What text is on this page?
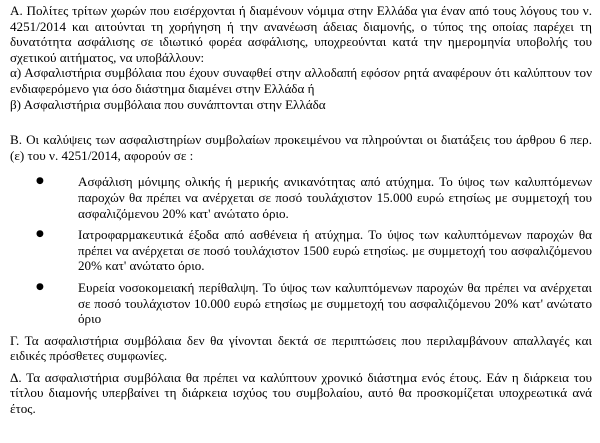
Α. Πολίτες τρίτων χωρών που εισέρχονται ή διαμένουν νόμιμα στην Ελλάδα για έναν από τους λόγους του ν. 4251/2014 και αιτούνται τη χορήγηση ή την ανανέωση άδειας διαμονής, ο τύπος της οποίας παρέχει τη δυνατότητα ασφάλισης σε ιδιωτικό φορέα ασφάλισης, υποχρεούνται κατά την ημερομηνία υποβολής του σχετικού αιτήματος, να υποβάλλουν:

α) Ασφαλιστήρια συμβόλαια που έχουν συναφθεί στην αλλοδαπή εφόσον ρητά αναφέρουν ότι καλύπτουν τον ενδιαφερόμενο για όσο διάστημα διαμένει στην Ελλάδα ή

β) Ασφαλιστήρια συμβόλαια που συνάπτονται στην Ελλάδα

Β. Οι καλύψεις των ασφαλιστηρίων συμβολαίων προκειμένου να πληρούνται οι διατάξεις του άρθρου 6 περ. (ε) του ν. 4251/2014, αφορούν σε :

●	Ασφάλιση μόνιμης ολικής ή μερικής ανικανότητας από ατύχημα. Το ύψος των καλυπτόμενων παροχών θα πρέπει να ανέρχεται σε ποσό τουλάχιστον 15.000 ευρώ ετησίως με συμμετοχή του ασφαλιζόμενου 20% κατ' ανώτατο όριο.
●	Ιατροφαρμακευτικά έξοδα από ασθένεια ή ατύχημα. Το ύψος των καλυπτόμενων παροχών θα πρέπει να ανέρχεται σε ποσό τουλάχιστον 1500 ευρώ ετησίως. με συμμετοχή του ασφαλιζόμενου 20% κατ' ανώτατο όριο.
●	Ευρεία νοσοκομειακή περίθαλψη. Το ύψος των καλυπτόμενων παροχών θα πρέπει να ανέρχεται σε ποσό τουλάχιστον 10.000 ευρώ ετησίως με συμμετοχή του ασφαλιζόμενου 20% κατ' ανώτατο όριο

Γ. Τα ασφαλιστήρια συμβόλαια δεν θα γίνονται δεκτά σε περιπτώσεις που περιλαμβάνουν απαλλαγές και ειδικές πρόσθετες συμφωνίες.

Δ. Τα ασφαλιστήρια συμβόλαια θα πρέπει να καλύπτουν χρονικό διάστημα ενός έτους. Εάν η διάρκεια του τίτλου διαμονής υπερβαίνει τη διάρκεια ισχύος του συμβολαίου, αυτό θα προσκομίζεται υποχρεωτικά ανά έτος.
